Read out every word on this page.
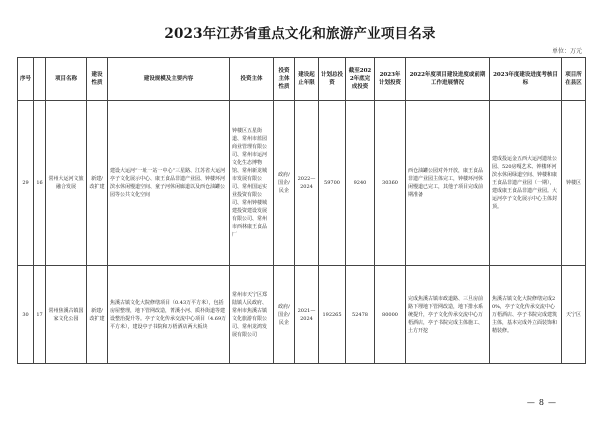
2023年江苏省重点文化和旅游产业项目名录
单位：万元
序号		项目名称	建设性质	建设规模及主要内容	投资主体	投资主体性质	建设起止年限	计划总投资	截至2022年底完成投资	2023年计划投资	2022年度项目建设进度或前期工作进展情况	2023年度建设进度考核目标	项目所在县区
29	16	常州大运河文旅融合发展	新建/改扩建	建设大运河“一址一站一中心”三星路、江苏省大运河亭子文化展示中心、康王食品非遗产业园、钟楼环河滨水休闲慢道空间、童子河休闲廊道以及西仓油罐公园等公共文化空间	钟楼区五星街道、常州市蓝园商业管理有限公司、常州市运河文化生态博物馆、常州新龙城市发展有限公司、常州国运实业投资有限公司、常州钟楼城建投资建设发展有限公司、常州市西林康王食品厂	政府/国企/民企	2022—2024	59700	9240	30360	西仓油罐公园对外开放，康王食品非遗产业园主体完工，钟楼环河休闲慢道已完工，其他子项目完成前期准备	建成投运金五西大运河遗址公园、520房嘎艺术、钟楼环河滨水休闲绿道空间、钟楼和康王食品非遗产业园（一期），建成康王食品非遗产业园。大运河亭子文化展示中心主体封顶。	钟楼区
30	17	常州焦溪古镇国家文化公园	新建/改扩建	焦溪古镇文化大院修缮项目（0.43万平方米），包括房屋整理，地下管网改造，菁溪小河、质朴街道等建设整治提升等。亭子文化传承交流中心项目（4.69万平方米），建设亭子书院和万梧酒店两大板块	常州市天宁区郑陆镇人民政府、常州市焦溪古镇文化旅游有限公司、常州龙鸿发展有限公司	政府/国企/民企	2021—2024	192265	52478	80000	完成焦溪古镇市政道路、三旦房前路下埋地下管网改造，地下排水系统提升，亭子文化传承交流中心万梧酒店，亭子书院完成主体施工、土方开挖	焦溪古镇文化大院修缮完成20%，亭子文化传承交流中心万梧酒店、亭子书院完成建筑主体，基本完成外立面装饰和精装修。	天宁区
— 8 —
